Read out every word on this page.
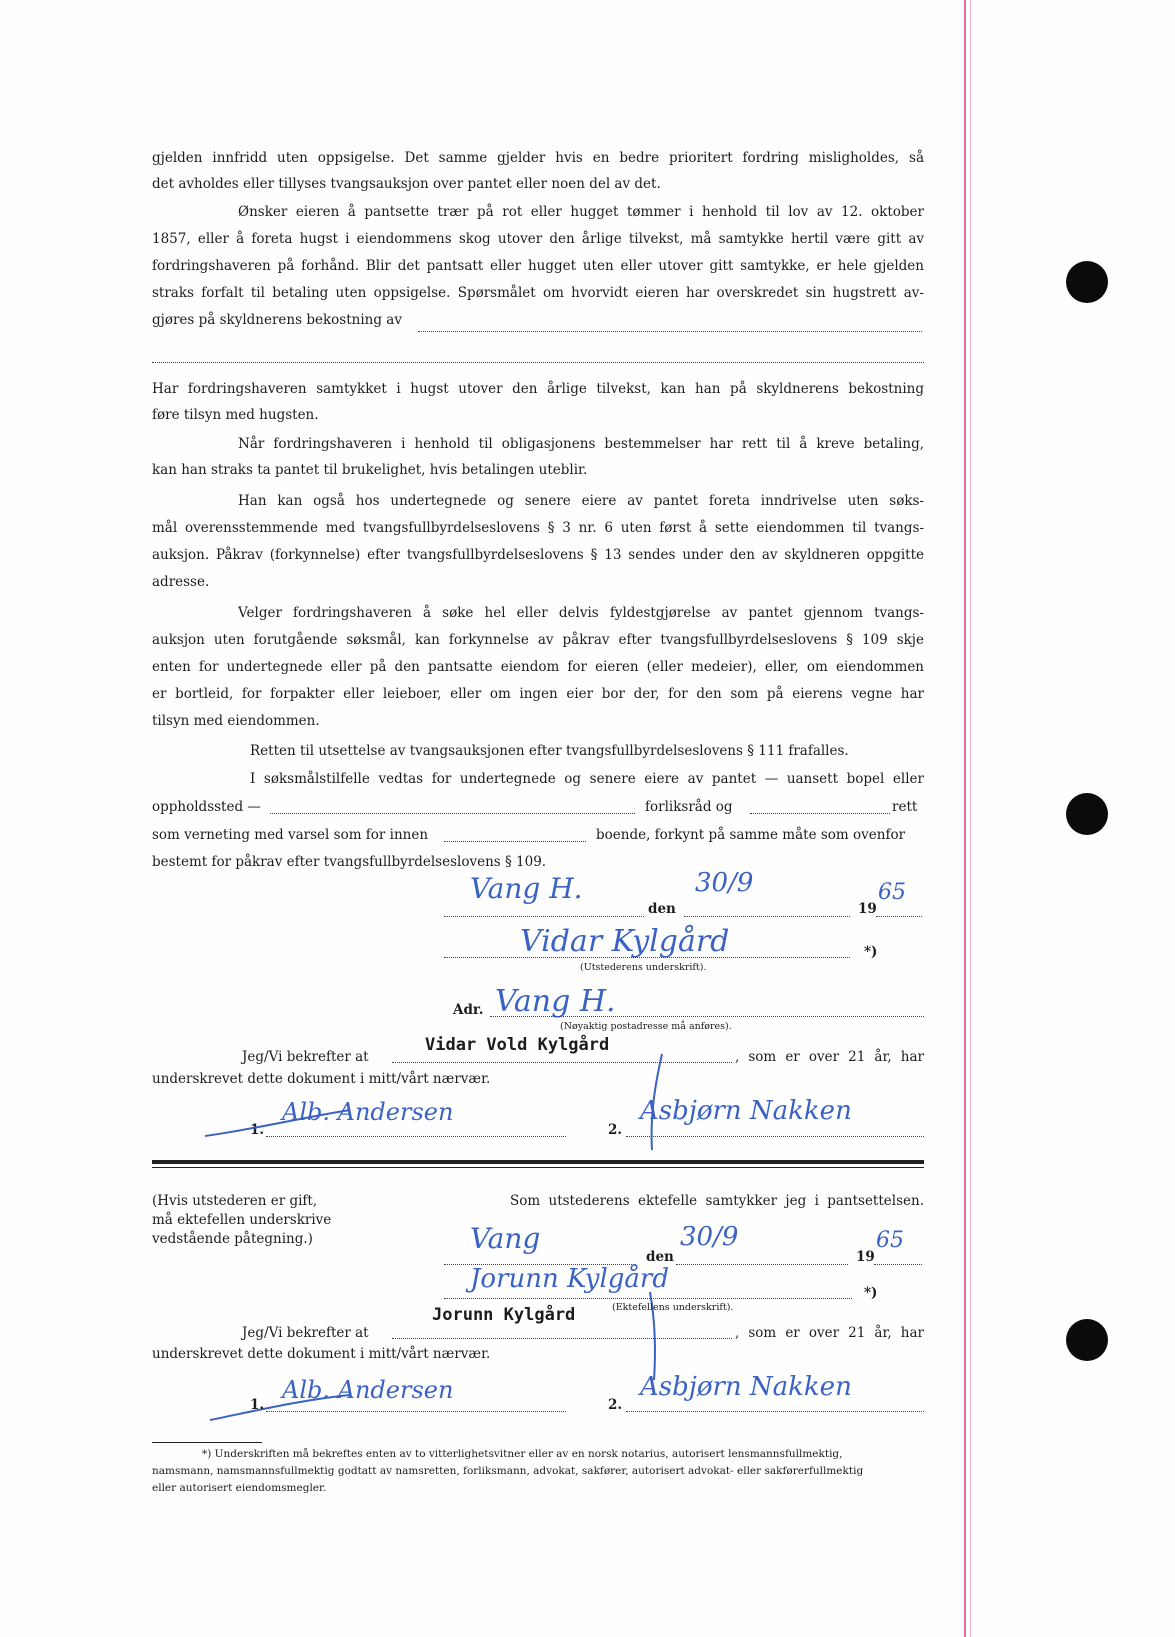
gjelden innfridd uten oppsigelse. Det samme gjelder hvis en bedre prioritert fordring misligholdes, så
det avholdes eller tillyses tvangsauksjon over pantet eller noen del av det.
Ønsker eieren å pantsette trær på rot eller hugget tømmer i henhold til lov av 12. oktober
1857, eller å foreta hugst i eiendommens skog utover den årlige tilvekst, må samtykke hertil være gitt av
fordringshaveren på forhånd. Blir det pantsatt eller hugget uten eller utover gitt samtykke, er hele gjelden
straks forfalt til betaling uten oppsigelse. Spørsmålet om hvorvidt eieren har overskredet sin hugstrett av-
gjøres på skyldnerens bekostning av
Har fordringshaveren samtykket i hugst utover den årlige tilvekst, kan han på skyldnerens bekostning
føre tilsyn med hugsten.
Når fordringshaveren i henhold til obligasjonens bestemmelser har rett til å kreve betaling,
kan han straks ta pantet til brukelighet, hvis betalingen uteblir.
Han kan også hos undertegnede og senere eiere av pantet foreta inndrivelse uten søks-
mål overensstemmende med tvangsfullbyrdelseslovens § 3 nr. 6 uten først å sette eiendommen til tvangs-
auksjon. Påkrav (forkynnelse) efter tvangsfullbyrdelseslovens § 13 sendes under den av skyldneren oppgitte
adresse.
Velger fordringshaveren å søke hel eller delvis fyldestgjørelse av pantet gjennom tvangs-
auksjon uten forutgående søksmål, kan forkynnelse av påkrav efter tvangsfullbyrdelseslovens § 109 skje
enten for undertegnede eller på den pantsatte eiendom for eieren (eller medeier), eller, om eiendommen
er bortleid, for forpakter eller leieboer, eller om ingen eier bor der, for den som på eierens vegne har
tilsyn med eiendommen.
Retten til utsettelse av tvangsauksjonen efter tvangsfullbyrdelseslovens § 111 frafalles.
I søksmålstilfelle vedtas for undertegnede og senere eiere av pantet — uansett bopel eller
oppholdssted —	forliksråd og	rett
som verneting med varsel som for innen	boende, forkynt på samme måte som ovenfor
bestemt for påkrav efter tvangsfullbyrdelseslovens § 109.
Vang H.
den
30/9
19
65
Vidar Kylgård	*)
(Utstederens underskrift).
Adr. Vang H.
(Nøyaktig postadresse må anføres).
Jeg/Vi bekrefter at
Vidar Vold Kylgård
, som er over 21 år, har
underskrevet dette dokument i mitt/vårt nærvær.
1.
Alb. Andersen
2.
Asbjørn Nakken
(Hvis utstederen er gift,
må ektefellen underskrive
vedstående påtegning.)
Som utstederens ektefelle samtykker jeg i pantsettelsen.
Vang
den
30/9
19
65
Jorunn Kylgård	*)
(Ektefellens underskrift).
Jorunn Kylgård
Jeg/Vi bekrefter at	, som er over 21 år, har
underskrevet dette dokument i mitt/vårt nærvær.
1.
Alb. Andersen
2.
Asbjørn Nakken
*) Underskriften må bekreftes enten av to vitterlighetsvitner eller av en norsk notarius, autorisert lensmannsfullmektig,
namsmann, namsmannsfullmektig godtatt av namsretten, forliksmann, advokat, sakfører, autorisert advokat- eller sakførerfullmektig
eller autorisert eiendomsmegler.
